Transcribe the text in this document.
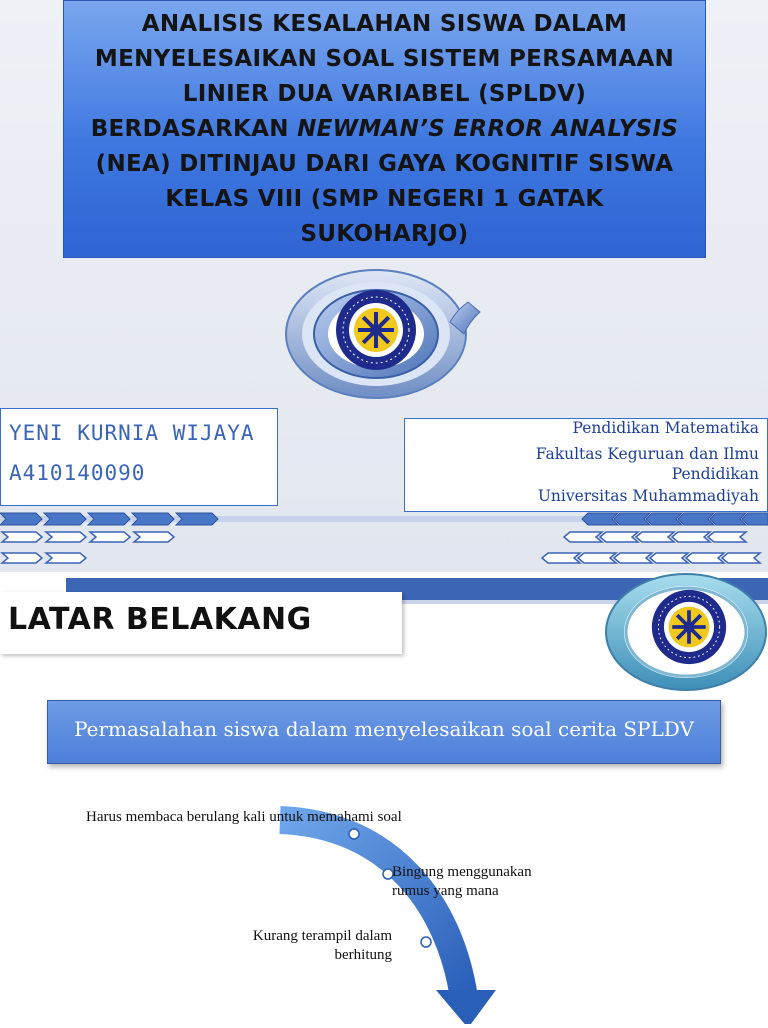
ANALISIS KESALAHAN SISWA DALAM
MENYELESAIKAN SOAL SISTEM PERSAMAAN
LINIER DUA VARIABEL (SPLDV)
BERDASARKAN NEWMAN’S ERROR ANALYSIS
(NEA) DITINJAU DARI GAYA KOGNITIF SISWA
KELAS VIII (SMP NEGERI 1 GATAK
SUKOHARJO)
YENI KURNIA WIJAYA
A410140090
Pendidikan Matematika
Fakultas Keguruan dan Ilmu
Pendidikan
Universitas Muhammadiyah
LATAR BELAKANG
Permasalahan siswa dalam menyelesaikan soal cerita SPLDV
Harus membaca berulang kali untuk memahami soal
Bingung menggunakan
rumus yang mana
Kurang terampil dalam
berhitung
